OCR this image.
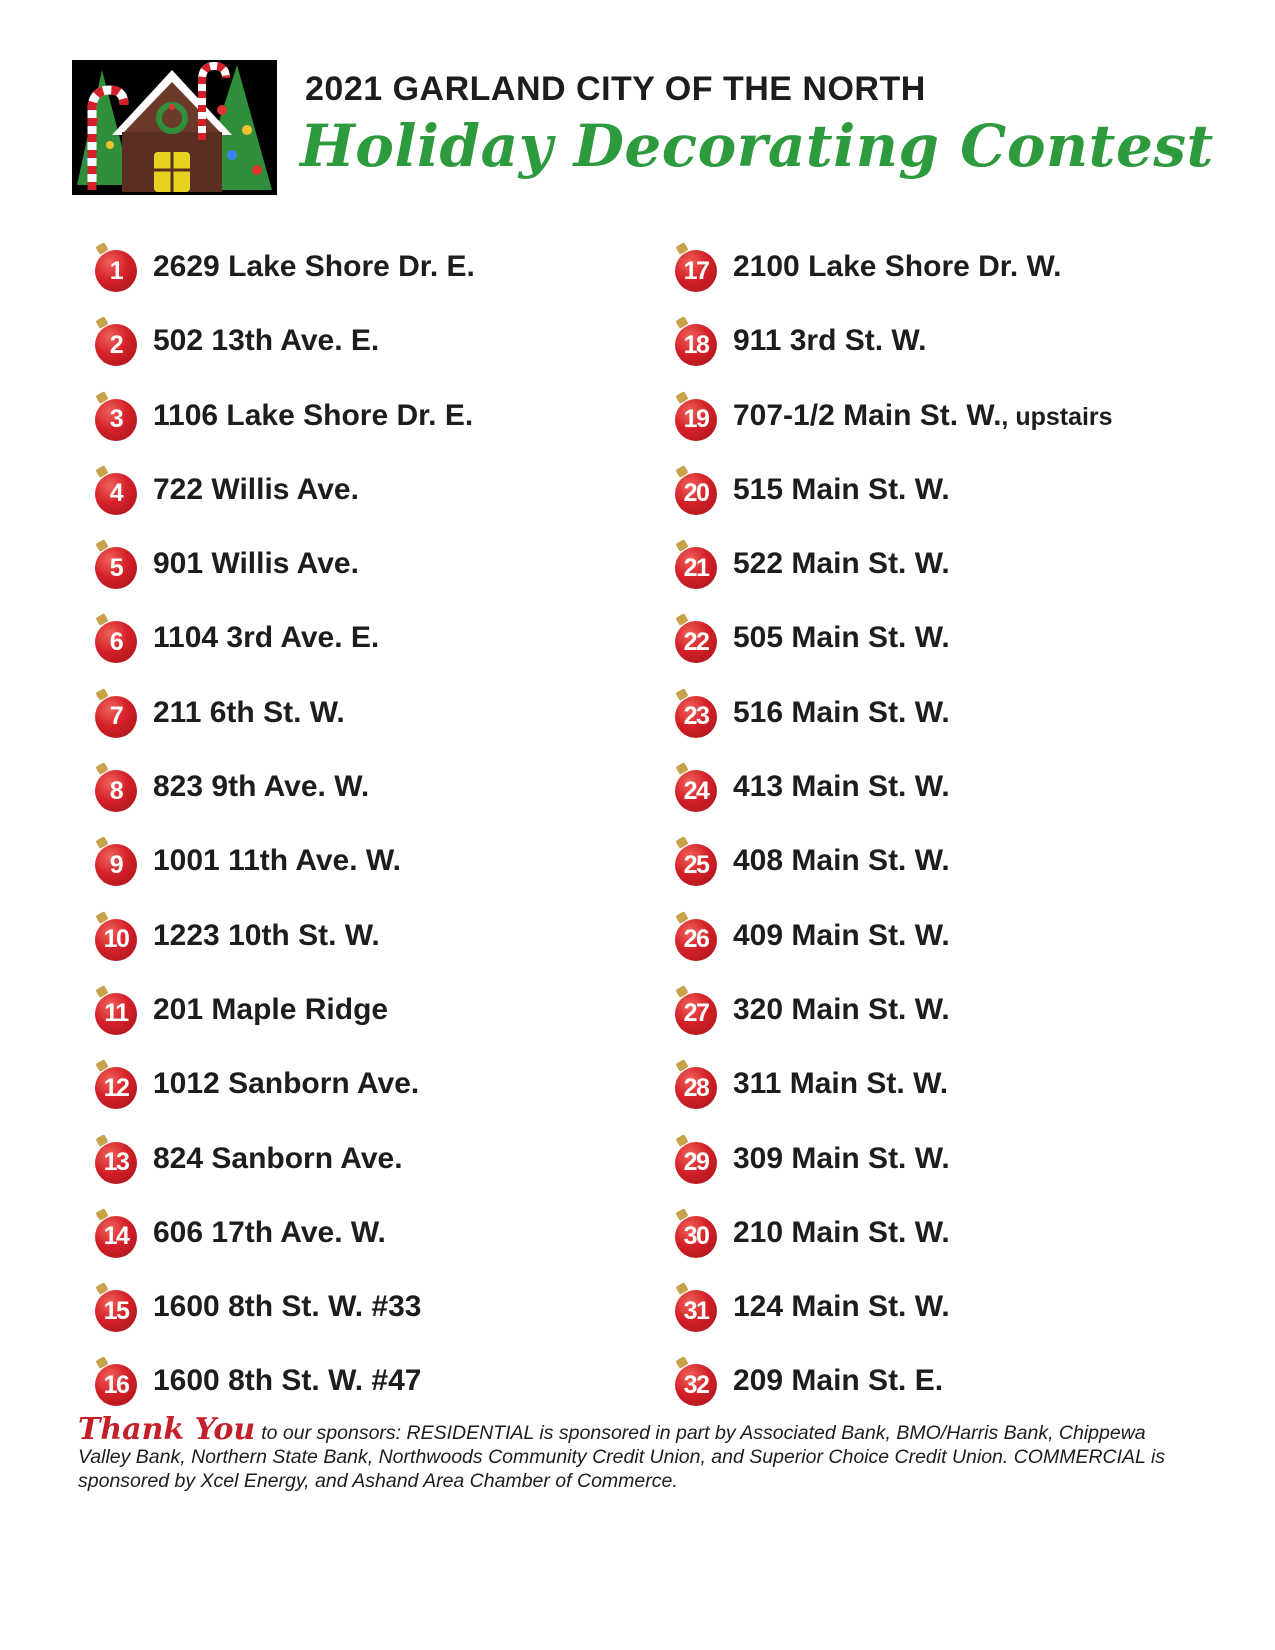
2021 GARLAND CITY OF THE NORTH
Holiday Decorating Contest
1	2629 Lake Shore Dr. E.
2	502 13th Ave. E.
3	1106 Lake Shore Dr. E.
4	722 Willis Ave.
5	901 Willis Ave.
6	1104 3rd Ave. E.
7	211 6th St. W.
8	823 9th Ave. W.
9	1001 11th Ave. W.
10 1223 10th St. W.
11 201 Maple Ridge
12 1012 Sanborn Ave.
13 824 Sanborn Ave.
14 606 17th Ave. W.
15 1600 8th St. W. #33
16 1600 8th St. W. #47
17 2100 Lake Shore Dr. W.
18 911 3rd St. W.
19 707-1/2 Main St. W., upstairs
20 515 Main St. W.
21 522 Main St. W.
22 505 Main St. W.
23 516 Main St. W.
24 413 Main St. W.
25 408 Main St. W.
26 409 Main St. W.
27 320 Main St. W.
28 311 Main St. W.
29 309 Main St. W.
30 210 Main St. W.
31 124 Main St. W.
32 209 Main St. E.
Thank You to our sponsors: RESIDENTIAL is sponsored in part by Associated Bank, BMO/Harris Bank, Chippewa Valley Bank, Northern State Bank, Northwoods Community Credit Union, and Superior Choice Credit Union. COMMERCIAL is sponsored by Xcel Energy, and Ashand Area Chamber of Commerce.
